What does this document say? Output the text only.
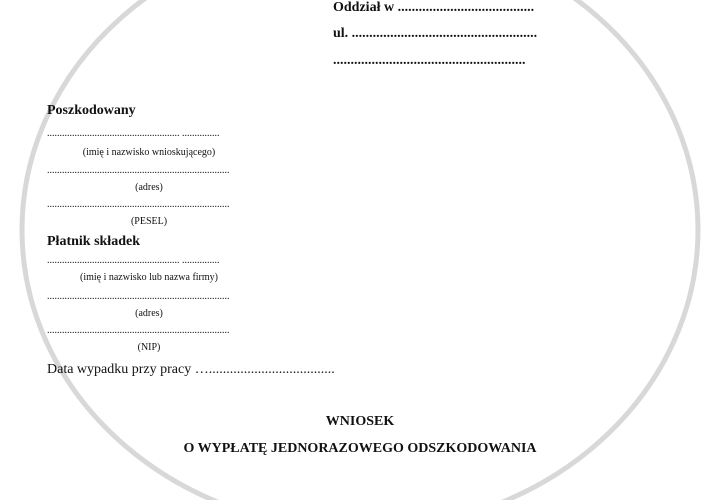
Oddział w .......................................
ul. .....................................................
.......................................................
Poszkodowany
..................................................... ...............
(imię i nazwisko wnioskującego)
.........................................................................
(adres)
.........................................................................
(PESEL)
Płatnik składek
..................................................... ...............
(imię i nazwisko lub nazwa firmy)
.........................................................................
(adres)
.........................................................................
(NIP)
Data wypadku przy pracy …....................................
WNIOSEK
O WYPŁATĘ JEDNORAZOWEGO ODSZKODOWANIA
